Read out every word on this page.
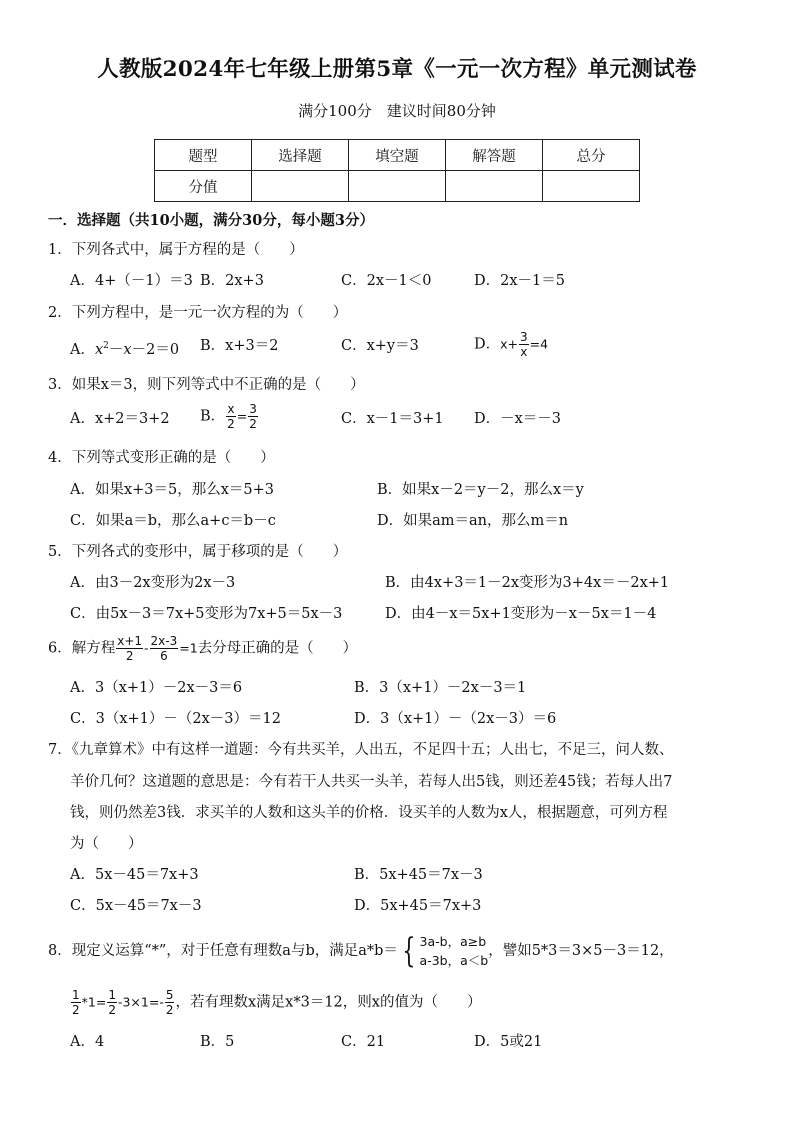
人教版2024年七年级上册第5章《一元一次方程》单元测试卷
满分100分　建议时间80分钟
题型	选择题	填空题	解答题	总分
分值				
一．选择题（共10小题，满分30分，每小题3分）
1．下列各式中，属于方程的是（　　）
A．4+（－1）＝3 B．2x+3	C．2x－1＜0	D．2x－1＝5
2．下列方程中，是一元一次方程的为（　　）
A．$x^2-x-2=0$ B．x+3＝2	C．x+y＝3	D．$x+ \frac{3}{x} =4$
3．如果x＝3，则下列等式中不正确的是（　　）
A．x+2＝3+2 B． $\frac{x}{2} = \frac{3}{2}$	C．x－1＝3+1 D．－x＝－3
4．下列等式变形正确的是（　　）
A．如果x+3＝5，那么x＝5+3	B．如果x－2＝y－2，那么x＝y
C．如果a＝b，那么a+c＝b－c	D．如果am＝an，那么m＝n
5．下列各式的变形中，属于移项的是（　　）
A．由3－2x变形为2x－3	B．由4x+3＝1－2x变形为3+4x＝－2x+1
C．由5x－3＝7x+5变形为7x+5＝5x－3	D．由4－x＝5x+1变形为－x－5x＝1－4
6．解方程 $\frac{x+1}{2} - \frac{2x-3}{6} =1$去分母正确的是（　　）
A．3（x+1）－2x－3＝6	B．3（x+1）－2x－3＝1
C．3（x+1）－（2x－3）＝12	D．3（x+1）－（2x－3）＝6
7．《九章算术》中有这样一道题：今有共买羊，人出五，不足四十五；人出七，不足三，问人数、
羊价几何？这道题的意思是：今有若干人共买一头羊，若每人出5钱，则还差45钱；若每人出7
钱，则仍然差3钱．求买羊的人数和这头羊的价格．设买羊的人数为x人，根据题意，可列方程
为（　　）
A．5x－45＝7x+3	B．5x+45＝7x－3
C．5x－45＝7x－3	D．5x+45＝7x+3
8．现定义运算“*”，对于任意有理数a与b，满足a*b＝ { 3a-b，a≥b
a-3b，a＜b
，譬如5*3＝3×5－3＝12，
$\frac{1}{2} *1= \frac{1}{2} -3\times 1=- \frac{5}{2}$ ，若有理数x满足x*3＝12，则x的值为（　　）
A．4	B．5	C．21	D．5或21
